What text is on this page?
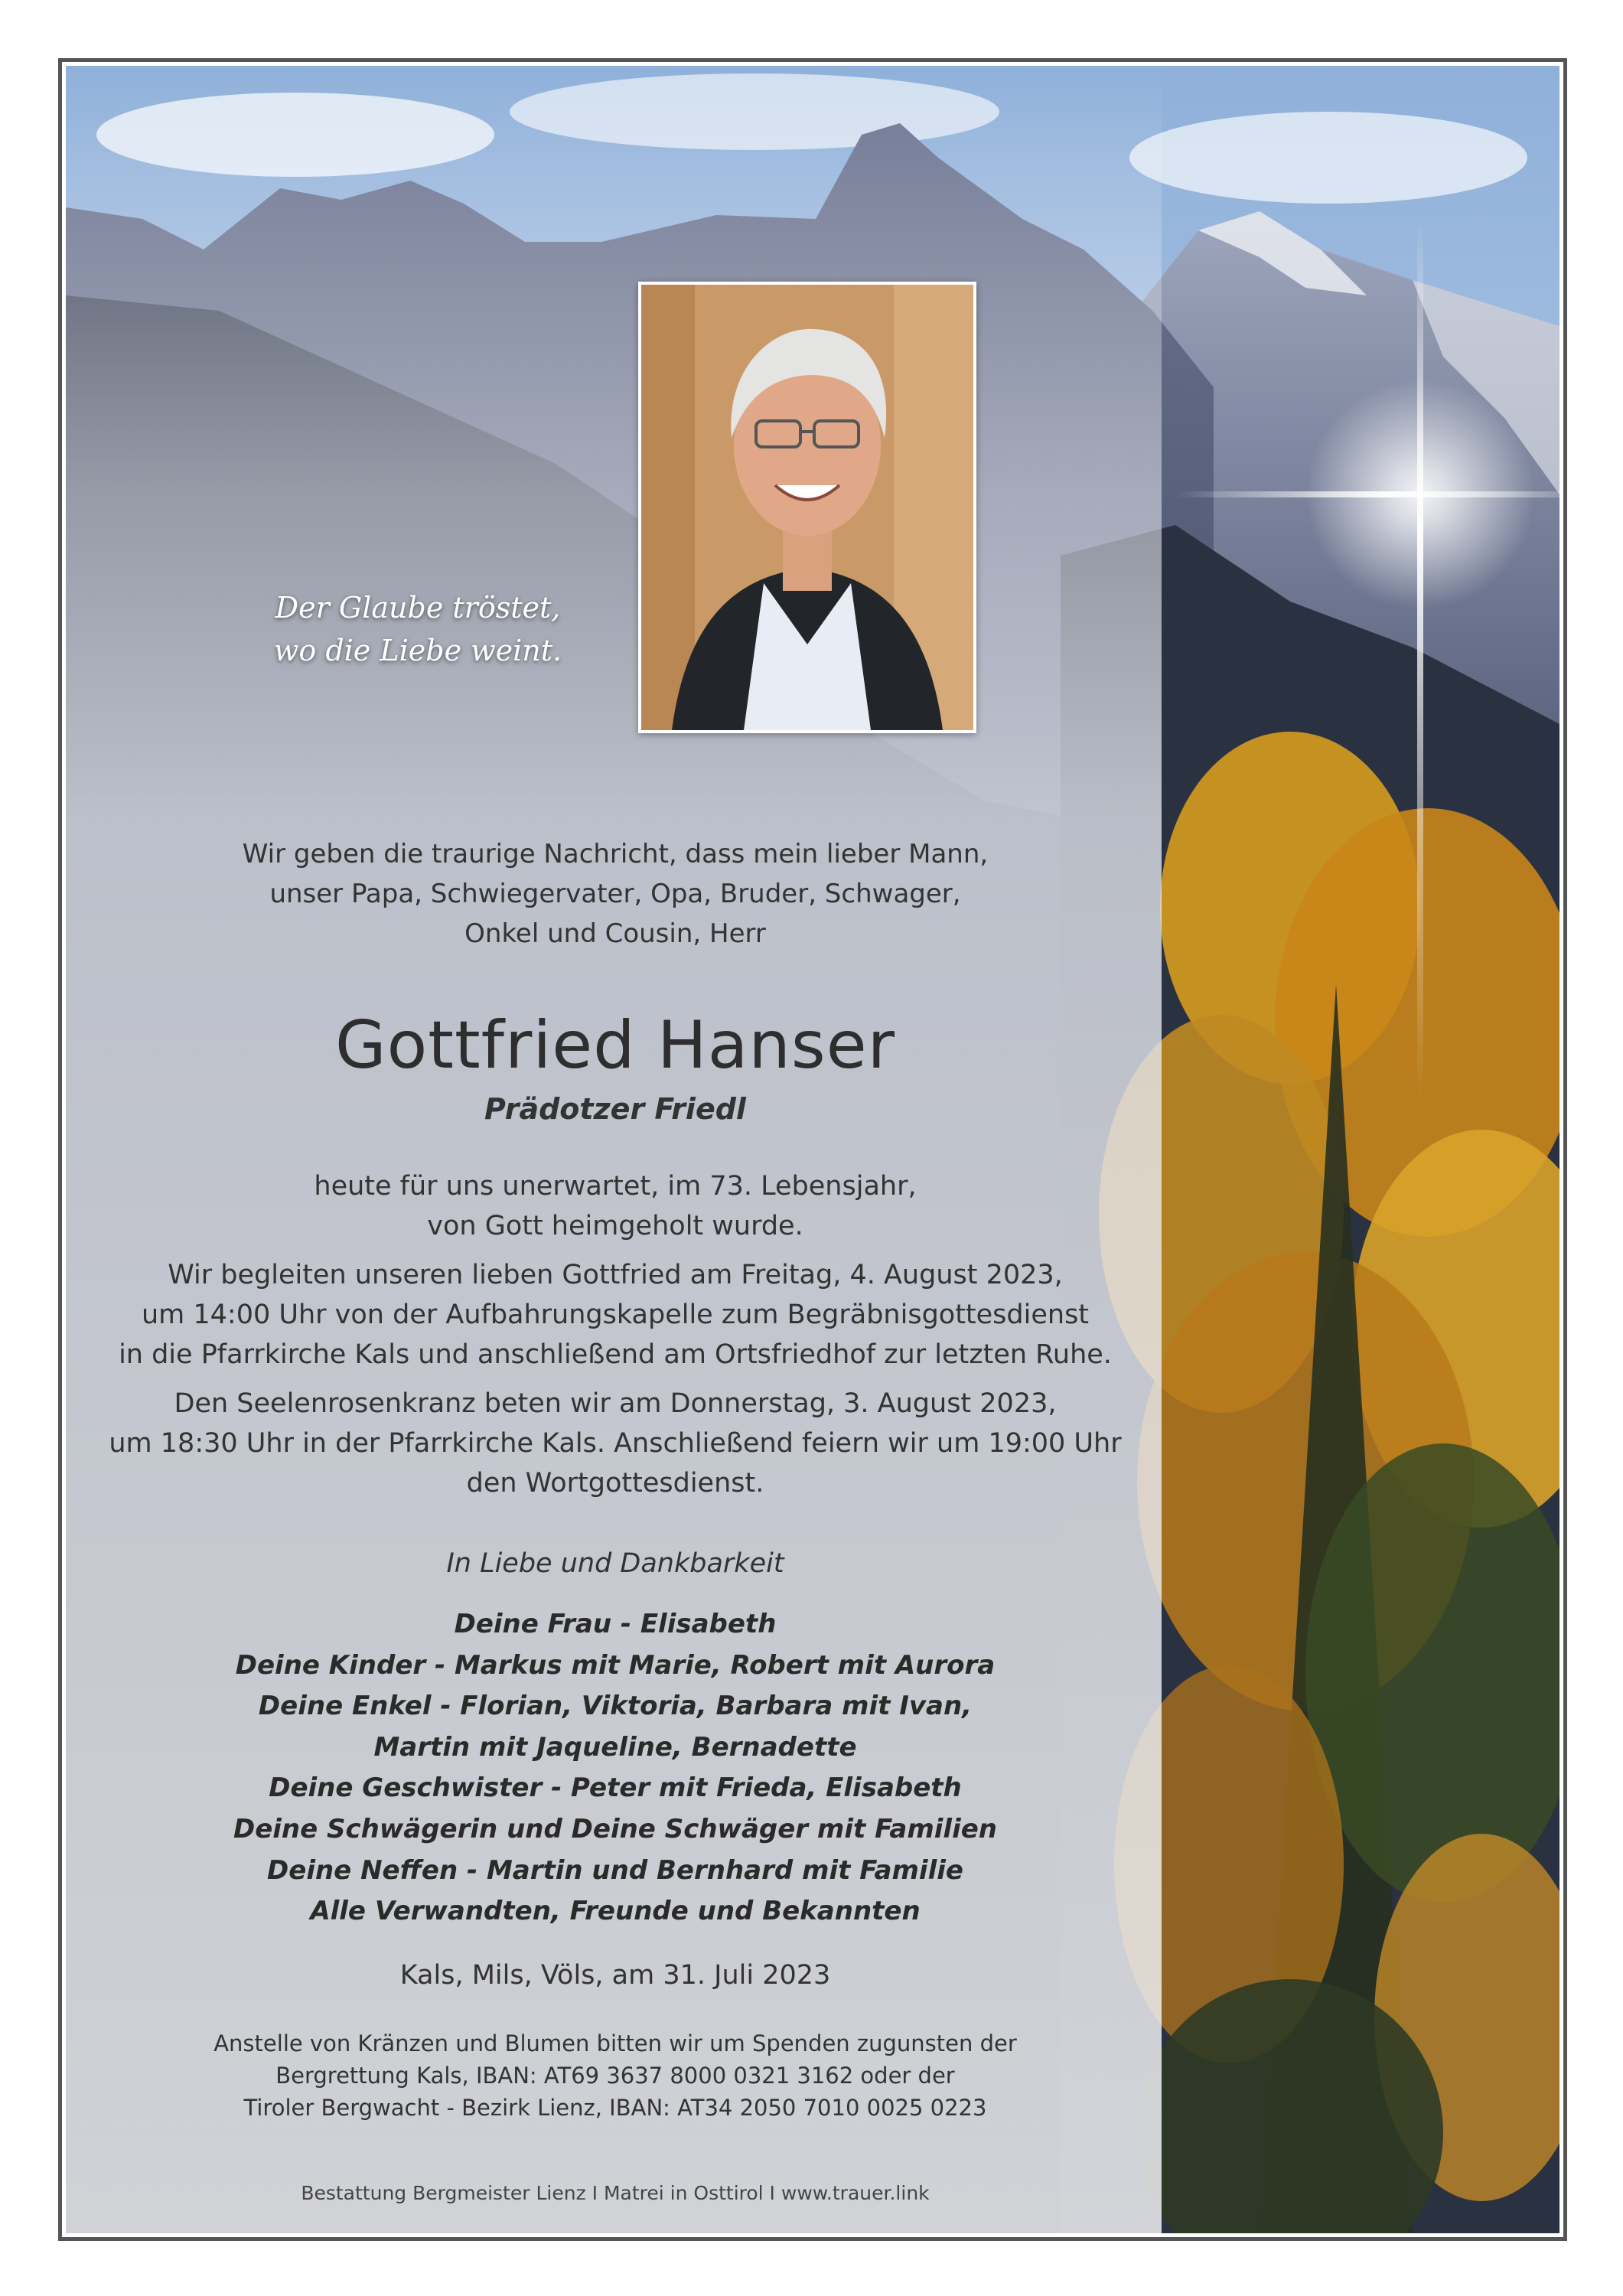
Der Glaube tröstet,
wo die Liebe weint.

Wir geben die traurige Nachricht, dass mein lieber Mann,
unser Papa, Schwiegervater, Opa, Bruder, Schwager,
Onkel und Cousin, Herr

Gottfried Hanser

Prädotzer Friedl

heute für uns unerwartet, im 73. Lebensjahr,
von Gott heimgeholt wurde.

Wir begleiten unseren lieben Gottfried am Freitag, 4. August 2023,
um 14:00 Uhr von der Aufbahrungskapelle zum Begräbnisgottesdienst
in die Pfarrkirche Kals und anschließend am Ortsfriedhof zur letzten Ruhe.

Den Seelenrosenkranz beten wir am Donnerstag, 3. August 2023,
um 18:30 Uhr in der Pfarrkirche Kals. Anschließend feiern wir um 19:00 Uhr
den Wortgottesdienst.

In Liebe und Dankbarkeit

Deine Frau - Elisabeth
Deine Kinder - Markus mit Marie, Robert mit Aurora
Deine Enkel - Florian, Viktoria, Barbara mit Ivan,
Martin mit Jaqueline, Bernadette
Deine Geschwister - Peter mit Frieda, Elisabeth
Deine Schwägerin und Deine Schwäger mit Familien
Deine Neffen - Martin und Bernhard mit Familie
Alle Verwandten, Freunde und Bekannten

Kals, Mils, Völs, am 31. Juli 2023

Anstelle von Kränzen und Blumen bitten wir um Spenden zugunsten der
Bergrettung Kals, IBAN: AT69 3637 8000 0321 3162 oder der
Tiroler Bergwacht - Bezirk Lienz, IBAN: AT34 2050 7010 0025 0223

Bestattung Bergmeister Lienz I Matrei in Osttirol I www.trauer.link
